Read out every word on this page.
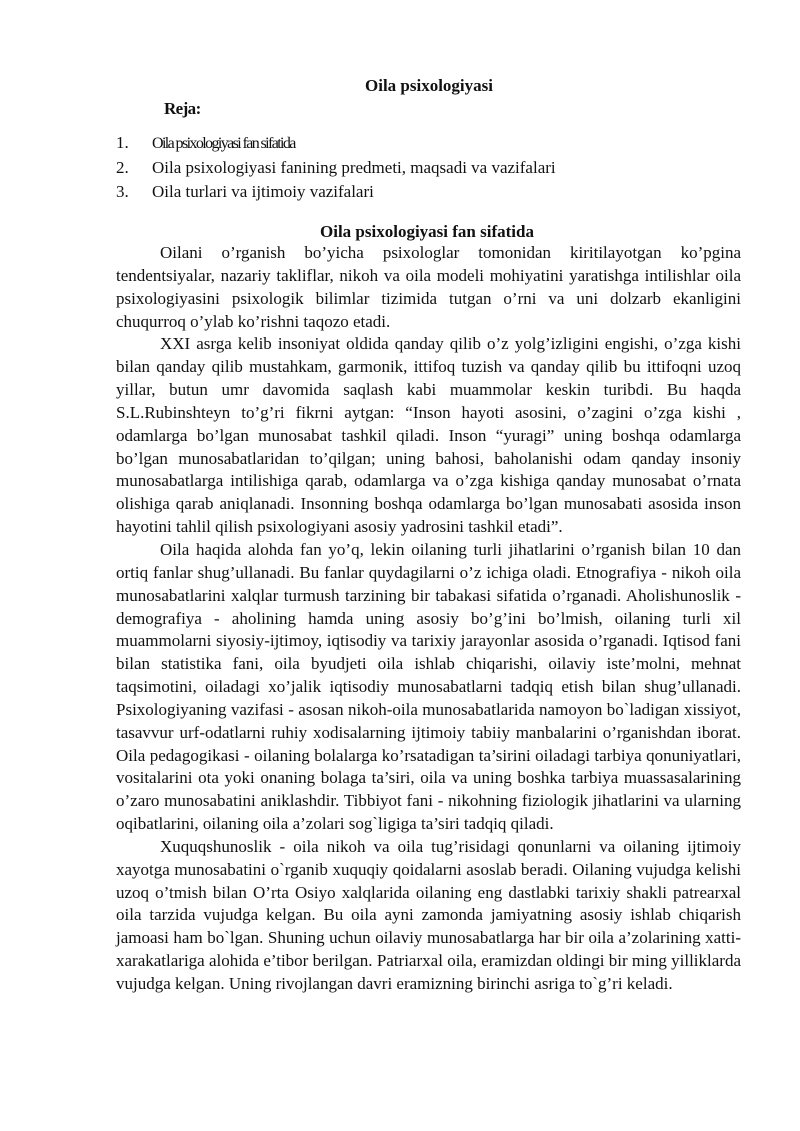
Oila psixologiyasi
Reja:
1. Oila psixologiyasi fan sifatida
2. Oila psixologiyasi fanining predmeti, maqsadi va vazifalari
3. Oila turlari va ijtimoiy vazifalari
Oila psixologiyasi fan sifatida

Oilani o’rganish bo’yicha psixologlar tomonidan kiritilayotgan ko’pgina tendentsiyalar, nazariy takliflar, nikoh va oila modeli mohiyatini yaratishga intilishlar oila psixologiyasini psixologik bilimlar tizimida tutgan o’rni va uni dolzarb ekanligini chuqurroq o’ylab ko’rishni taqozo etadi.

XXI asrga kelib insoniyat oldida qanday qilib o’z yolg’izligini engishi, o’zga kishi bilan qanday qilib mustahkam, garmonik, ittifoq tuzish va qanday qilib bu ittifoqni uzoq yillar, butun umr davomida saqlash kabi muammolar keskin turibdi. Bu haqda S.L.Rubinshteyn to’g’ri fikrni aytgan: “Inson hayoti asosini, o’zagini o’zga kishi , odamlarga bo’lgan munosabat tashkil qiladi. Inson “yuragi” uning boshqa odamlarga bo’lgan munosabatlaridan to’qilgan; uning bahosi, baholanishi odam qanday insoniy munosabatlarga intilishiga qarab, odamlarga va o’zga kishiga qanday munosabat o’rnata olishiga qarab aniqlanadi. Insonning boshqa odamlarga bo’lgan munosabati asosida inson hayotini tahlil qilish psixologiyani asosiy yadrosini tashkil etadi”.

Oila haqida alohda fan yo’q, lekin oilaning turli jihatlarini o’rganish bilan 10 dan ortiq fanlar shug’ullanadi. Bu fanlar quydagilarni o’z ichiga oladi. Etnografiya - nikoh oila munosabatlarini xalqlar turmush tarzining bir tabakasi sifatida o’rganadi. Aholishunoslik - demografiya - aholining hamda uning asosiy bo’g’ini bo’lmish, oilaning turli xil muammolarni siyosiy-ijtimoy, iqtisodiy va tarixiy jarayonlar asosida o’rganadi. Iqtisod fani bilan statistika fani, oila byudjeti oila ishlab chiqarishi, oilaviy iste’molni, mehnat taqsimotini, oiladagi xo’jalik iqtisodiy munosabatlarni tadqiq etish bilan shug’ullanadi. Psixologiyaning vazifasi - asosan nikoh-oila munosabatlarida namoyon bo`ladigan xissiyot, tasavvur urf-odatlarni ruhiy xodisalarning ijtimoiy tabiiy manbalarini o’rganishdan iborat. Oila pedagogikasi - oilaning bolalarga ko’rsatadigan ta’sirini oiladagi tarbiya qonuniyatlari, vositalarini ota yoki onaning bolaga ta’siri, oila va uning boshka tarbiya muassasalarining o’zaro munosabatini aniklashdir. Tibbiyot fani - nikohning fiziologik jihatlarini va ularning oqibatlarini, oilaning oila a’zolari sog`ligiga ta’siri tadqiq qiladi.

Xuquqshunoslik - oila nikoh va oila tug’risidagi qonunlarni va oilaning ijtimoiy xayotga munosabatini o`rganib xuquqiy qoidalarni asoslab beradi. Oilaning vujudga kelishi uzoq o’tmish bilan O’rta Osiyo xalqlarida oilaning eng dastlabki tarixiy shakli patrearxal oila tarzida vujudga kelgan. Bu oila ayni zamonda jamiyatning asosiy ishlab chiqarish jamoasi ham bo`lgan. Shuning uchun oilaviy munosabatlarga har bir oila a’zolarining xatti-xarakatlariga alohida e’tibor berilgan. Patriarxal oila, eramizdan oldingi bir ming yilliklarda vujudga kelgan. Uning rivojlangan davri eramizning birinchi asriga to`g’ri keladi.
